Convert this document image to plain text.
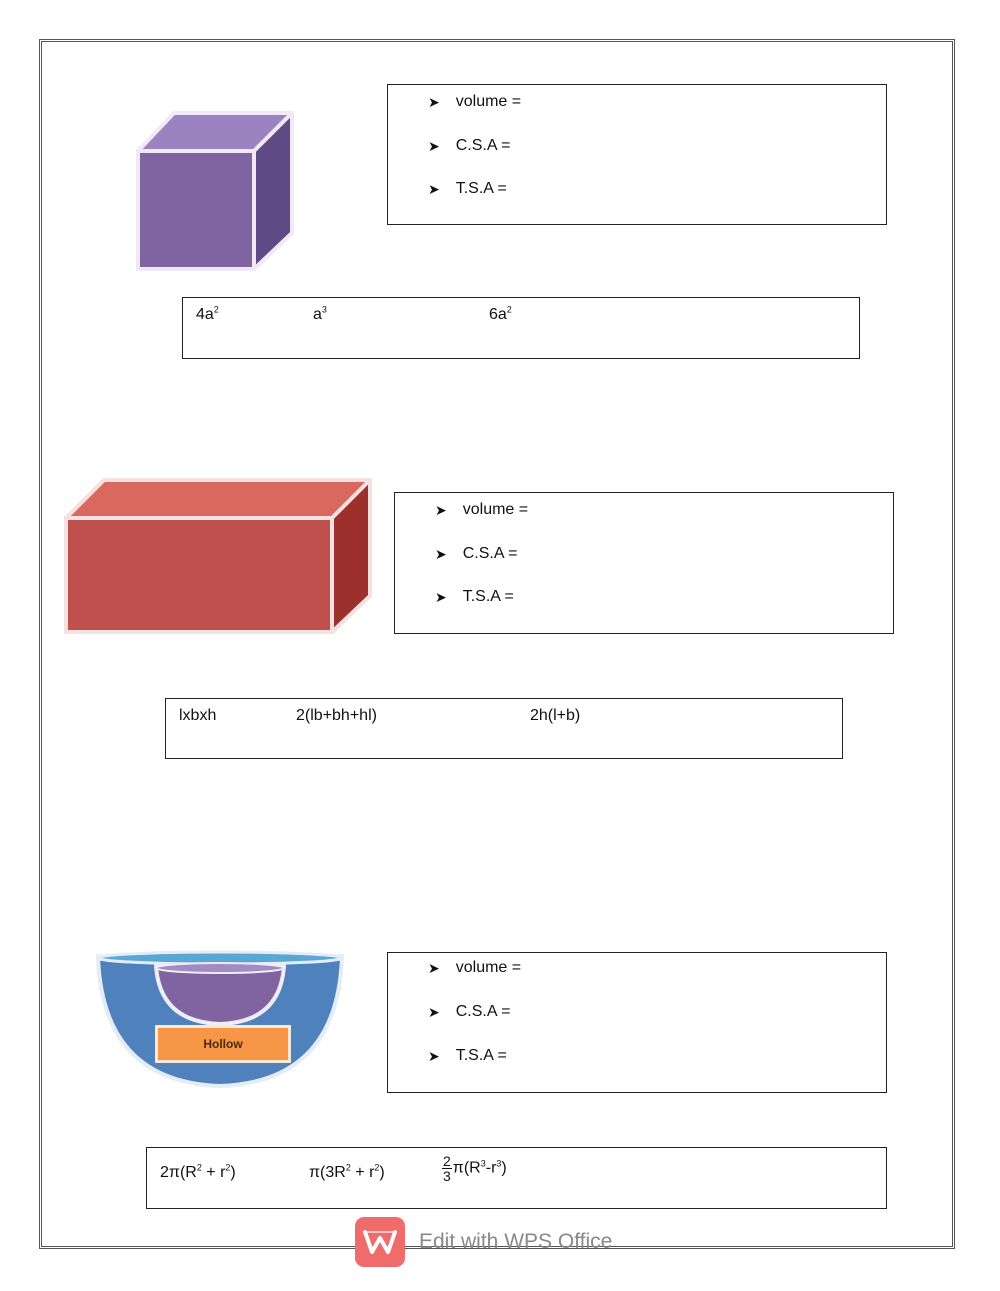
➤ volume =
➤ C.S.A =
➤ T.S.A =
$4a^2$	$a^3$	$6a^2$
➤ volume =
➤ C.S.A =
➤ T.S.A =
lxbxh	2(lb+bh+hl)	2h(l+b)
Hollow
➤ volume =
➤ C.S.A =
➤ T.S.A =
$2\pi(R^2 + r^2)$	$\pi(3R^2 + r^2)$	$\frac{2}{3} \pi(R^3-r^3)$
Edit with WPS Office
